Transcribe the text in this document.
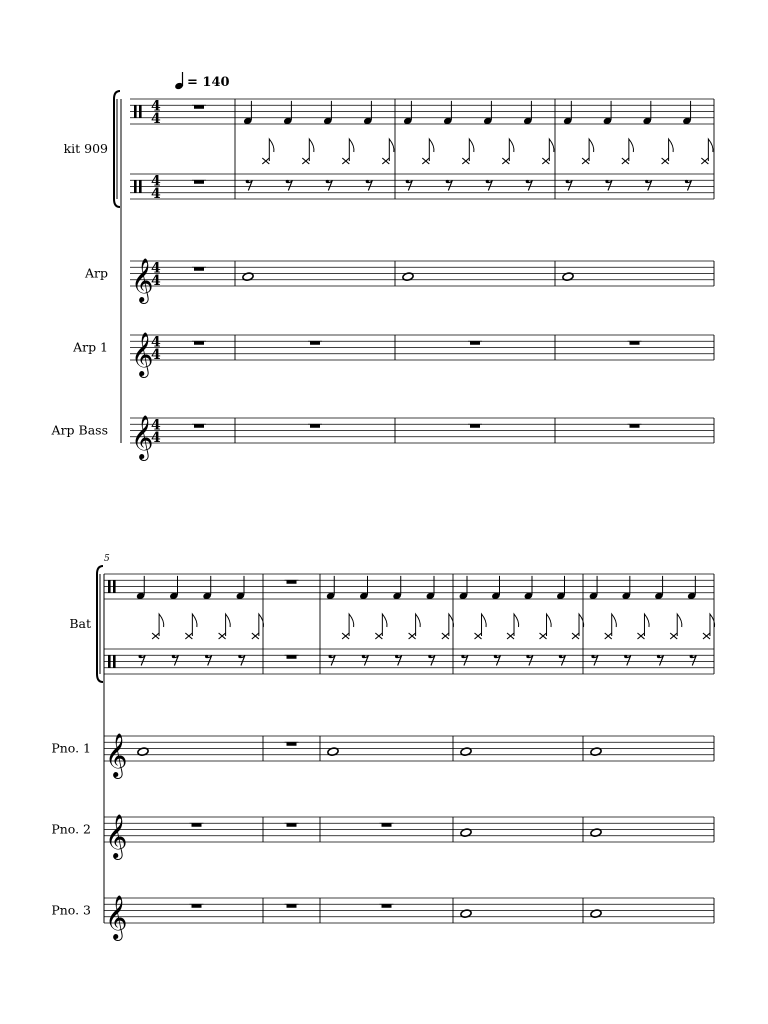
= 140
5
kit 909
4
4
4
4
Arp 𝄞
4
4
Arp 1 𝄞
4
4
Arp Bass 𝄞
4
4
Bat
Pno. 1 𝄞
Pno. 2 𝄞
Pno. 3 𝄞
